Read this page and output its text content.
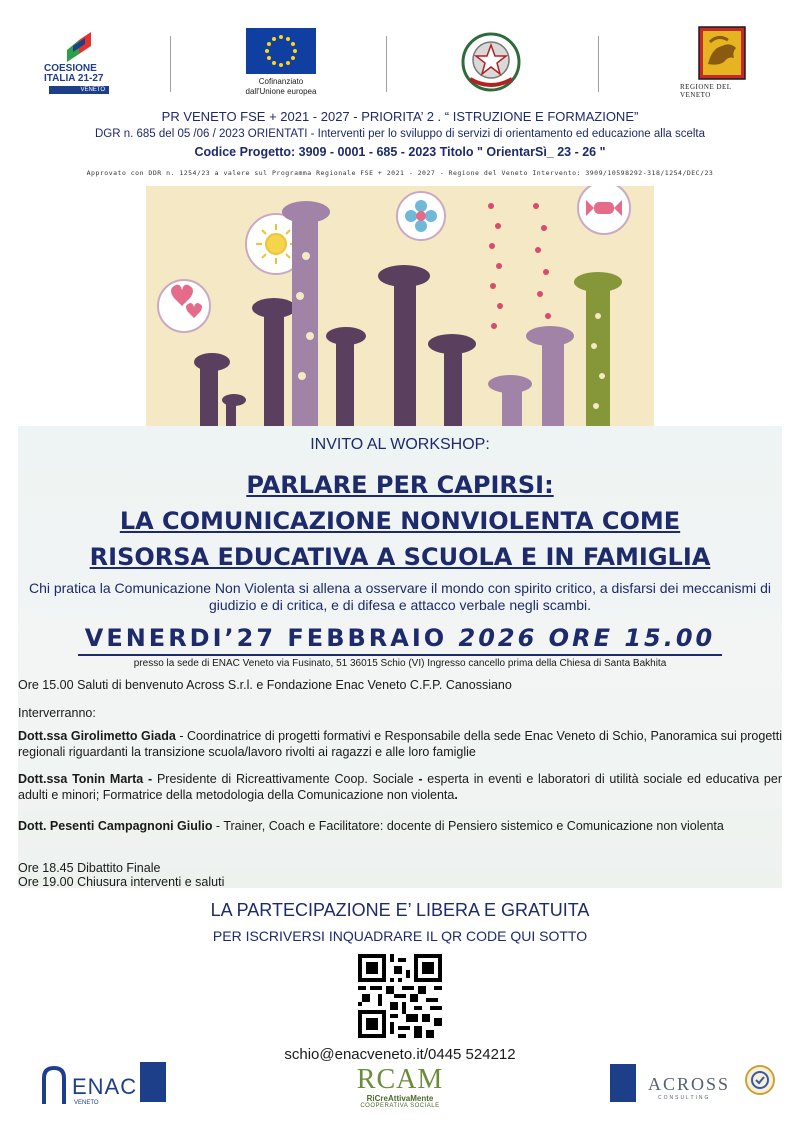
COESIONE
ITALIA 21-27
VENETO
Cofinanziato
dall'Unione europea	REGIONE DEL VENETO
PR VENETO FSE + 2021 - 2027 - PRIORITA’ 2 . “ ISTRUZIONE E FORMAZIONE”
DGR n. 685 del 05 /06 / 2023 ORIENTATI - Interventi per lo sviluppo di servizi di orientamento ed educazione alla scelta
Codice Progetto: 3909 - 0001 - 685 - 2023 Titolo " OrientarSì_ 23 - 26 "
Approvato con DDR n. 1254/23 a valere sul Programma Regionale FSE + 2021 - 2027 - Regione del Veneto Intervento: 3909/10598292-318/1254/DEC/23
INVITO AL WORKSHOP:
PARLARE PER CAPIRSI:
LA COMUNICAZIONE NONVIOLENTA COME
RISORSA EDUCATIVA A SCUOLA E IN FAMIGLIA
Chi pratica la Comunicazione Non Violenta si allena a osservare il mondo con spirito critico, a disfarsi dei meccanismi di giudizio e di critica, e di difesa e attacco verbale negli scambi.
VENERDI’27 FEBBRAIO 2026 ORE 15.00
presso la sede di ENAC Veneto via Fusinato, 51 36015 Schio (VI) Ingresso cancello prima della Chiesa di Santa Bakhita
Ore 15.00 Saluti di benvenuto Across S.r.l. e Fondazione Enac Veneto C.F.P. Canossiano
Interverranno:
Dott.ssa Girolimetto Giada - Coordinatrice di progetti formativi e Responsabile della sede Enac Veneto di Schio, Panoramica sui progetti regionali riguardanti la transizione scuola/lavoro rivolti ai ragazzi e alle loro famiglie
Dott.ssa Tonin Marta - Presidente di Ricreattivamente Coop. Sociale - esperta in eventi e laboratori di utilità sociale ed educativa per adulti e minori; Formatrice della metodologia della Comunicazione non violenta.
Dott. Pesenti Campagnoni Giulio - Trainer, Coach e Facilitatore: docente di Pensiero sistemico e Comunicazione non violenta
Ore 18.45 Dibattito Finale
Ore 19.00 Chiusura interventi e saluti
LA PARTECIPAZIONE E’ LIBERA E GRATUITA
PER ISCRIVERSI INQUADRARE IL QR CODE QUI SOTTO
schio@enacveneto.it/0445 524212
ENAC
VENETO
RCAM
RiCreAttivaMente
COOPERATIVA SOCIALE
ACROSS
CONSULTING
